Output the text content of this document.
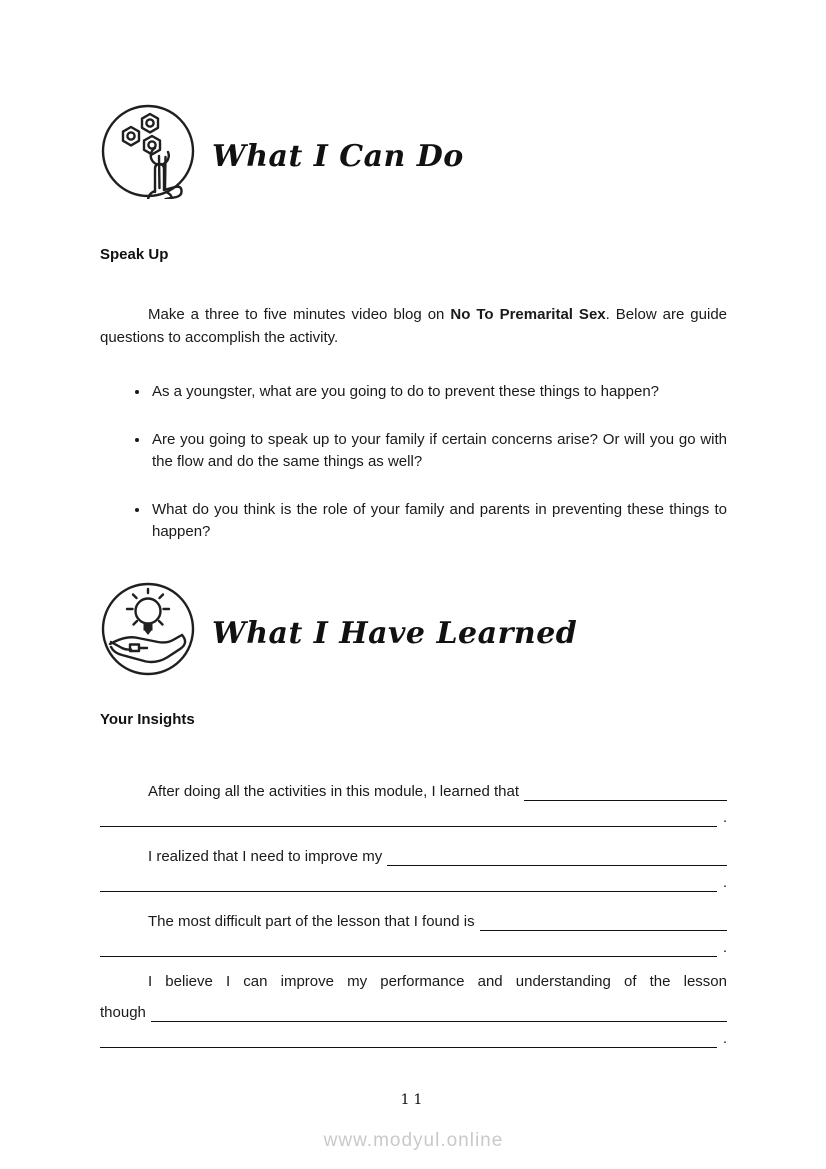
What I Can Do
Speak Up

Make a three to five minutes video blog on No To Premarital Sex. Below are guide questions to accomplish the activity.

• As a youngster, what are you going to do to prevent these things to happen?
• Are you going to speak up to your family if certain concerns arise? Or will you go with the flow and do the same things as well?
• What do you think is the role of your family and parents in preventing these things to happen?
What I Have Learned
Your Insights
After doing all the activities in this module, I learned that
.
I realized that I need to improve my
.
The most difficult part of the lesson that I found is
.
I believe I can improve my performance and understanding of the lesson
though
.
11
www.modyul.online
